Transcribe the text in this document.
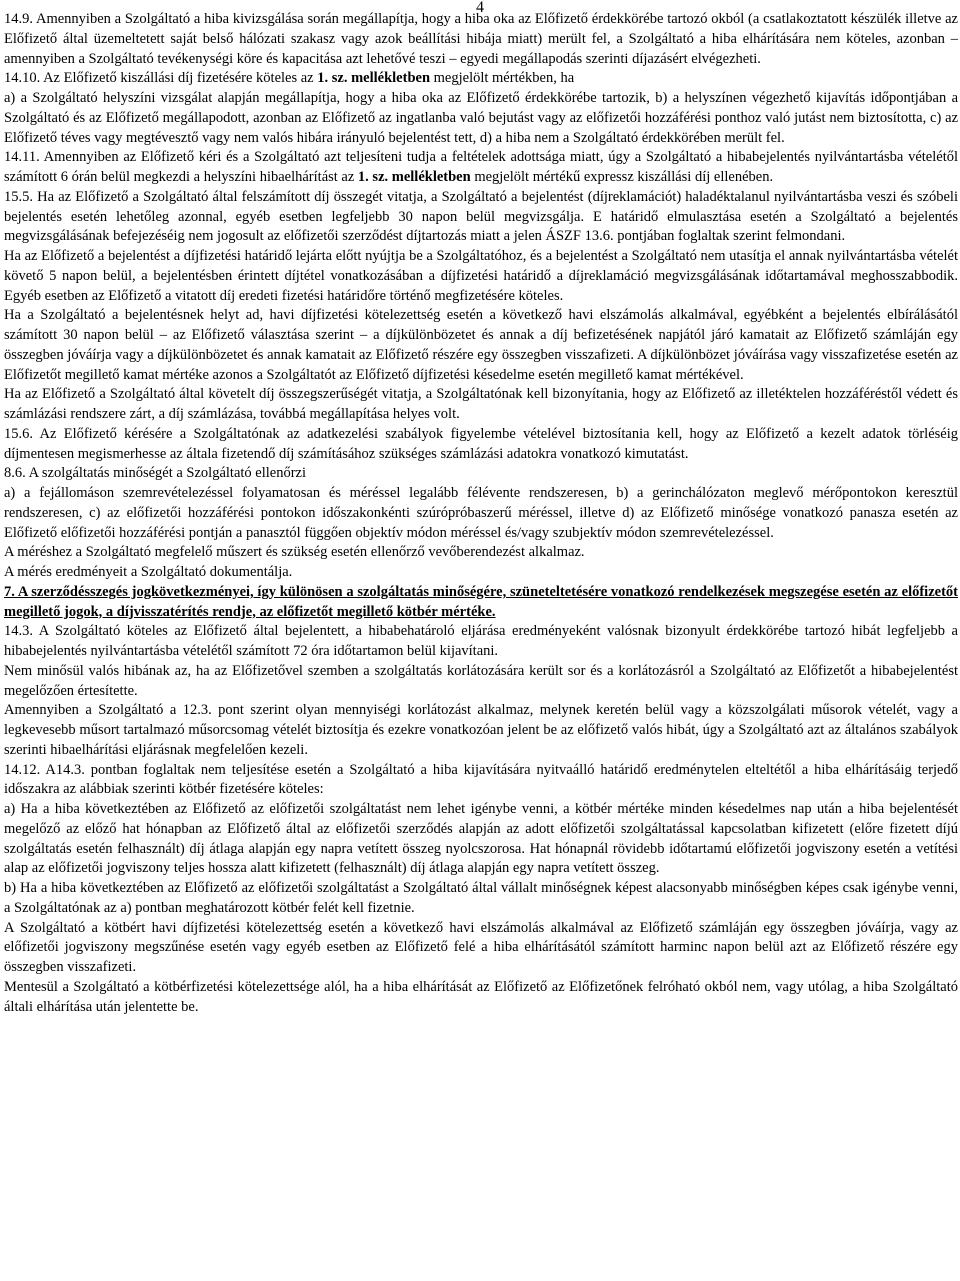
4

14.9. Amennyiben a Szolgáltató a hiba kivizsgálása során megállapítja, hogy a hiba oka az Előfizető érdekkörébe tartozó okból (a csatlakoztatott készülék illetve az Előfizető által üzemeltetett saját belső hálózati szakasz vagy azok beállítási hibája miatt) merült fel, a Szolgáltató a hiba elhárítására nem köteles, azonban – amennyiben a Szolgáltató tevékenységi köre és kapacitása azt lehetővé teszi – egyedi megállapodás szerinti díjazásért elvégezheti.

14.10. Az Előfizető kiszállási díj fizetésére köteles az 1. sz. mellékletben megjelölt mértékben, ha

a) a Szolgáltató helyszíni vizsgálat alapján megállapítja, hogy a hiba oka az Előfizető érdekkörébe tartozik, b) a helyszínen végezhető kijavítás időpontjában a Szolgáltató és az Előfizető megállapodott, azonban az Előfizető az ingatlanba való bejutást vagy az előfizetői hozzáférési ponthoz való jutást nem biztosította, c) az Előfizető téves vagy megtévesztő vagy nem valós hibára irányuló bejelentést tett, d) a hiba nem a Szolgáltató érdekkörében merült fel.

14.11. Amennyiben az Előfizető kéri és a Szolgáltató azt teljesíteni tudja a feltételek adottsága miatt, úgy a Szolgáltató a hibabejelentés nyilvántartásba vételétől számított 6 órán belül megkezdi a helyszíni hibaelhárítást az 1. sz. mellékletben megjelölt mértékű expressz kiszállási díj ellenében.

15.5. Ha az Előfizető a Szolgáltató által felszámított díj összegét vitatja, a Szolgáltató a bejelentést (díjreklamációt) haladéktalanul nyilvántartásba veszi és szóbeli bejelentés esetén lehetőleg azonnal, egyéb esetben legfeljebb 30 napon belül megvizsgálja. E határidő elmulasztása esetén a Szolgáltató a bejelentés megvizsgálásának befejezéséig nem jogosult az előfizetői szerződést díjtartozás miatt a jelen ÁSZF 13.6. pontjában foglaltak szerint felmondani.

Ha az Előfizető a bejelentést a díjfizetési határidő lejárta előtt nyújtja be a Szolgáltatóhoz, és a bejelentést a Szolgáltató nem utasítja el annak nyilvántartásba vételét követő 5 napon belül, a bejelentésben érintett díjtétel vonatkozásában a díjfizetési határidő a díjreklamáció megvizsgálásának időtartamával meghosszabbodik. Egyéb esetben az Előfizető a vitatott díj eredeti fizetési határidőre történő megfizetésére köteles.

Ha a Szolgáltató a bejelentésnek helyt ad, havi díjfizetési kötelezettség esetén a következő havi elszámolás alkalmával, egyébként a bejelentés elbírálásától számított 30 napon belül – az Előfizető választása szerint – a díjkülönbözetet és annak a díj befizetésének napjától járó kamatait az Előfizető számláján egy összegben jóváírja vagy a díjkülönbözetet és annak kamatait az Előfizető részére egy összegben visszafizeti. A díjkülönbözet jóváírása vagy visszafizetése esetén az Előfizetőt megillető kamat mértéke azonos a Szolgáltatót az Előfizető díjfizetési késedelme esetén megillető kamat mértékével.

Ha az Előfizető a Szolgáltató által követelt díj összegszerűségét vitatja, a Szolgáltatónak kell bizonyítania, hogy az Előfizető az illetéktelen hozzáféréstől védett és számlázási rendszere zárt, a díj számlázása, továbbá megállapítása helyes volt.

15.6. Az Előfizető kérésére a Szolgáltatónak az adatkezelési szabályok figyelembe vételével biztosítania kell, hogy az Előfizető a kezelt adatok törléséig díjmentesen megismerhesse az általa fizetendő díj számításához szükséges számlázási adatokra vonatkozó kimutatást.

8.6. A szolgáltatás minőségét a Szolgáltató ellenőrzi

a) a fejállomáson szemrevételezéssel folyamatosan és méréssel legalább félévente rendszeresen, b) a gerinchálózaton meglevő mérőpontokon keresztül rendszeresen, c) az előfizetői hozzáférési pontokon időszakonkénti szúrópróbaszerű méréssel, illetve d) az Előfizető minősége vonatkozó panasza esetén az Előfizető előfizetői hozzáférési pontján a panasztól függően objektív módon méréssel és/vagy szubjektív módon szemrevételezéssel.

A méréshez a Szolgáltató megfelelő műszert és szükség esetén ellenőrző vevőberendezést alkalmaz.

A mérés eredményeit a Szolgáltató dokumentálja.

7. A szerződésszegés jogkövetkezményei, így különösen a szolgáltatás minőségére, szüneteltetésére vonatkozó rendelkezések megszegése esetén az előfizetőt megillető jogok, a díjvisszatérítés rendje, az előfizetőt megillető kötbér mértéke.

14.3. A Szolgáltató köteles az Előfizető által bejelentett, a hibabehatároló eljárása eredményeként valósnak bizonyult érdekkörébe tartozó hibát legfeljebb a hibabejelentés nyilvántartásba vételétől számított 72 óra időtartamon belül kijavítani.

Nem minősül valós hibának az, ha az Előfizetővel szemben a szolgáltatás korlátozására került sor és a korlátozásról a Szolgáltató az Előfizetőt a hibabejelentést megelőzően értesítette.

Amennyiben a Szolgáltató a 12.3. pont szerint olyan mennyiségi korlátozást alkalmaz, melynek keretén belül vagy a közszolgálati műsorok vételét, vagy a legkevesebb műsort tartalmazó műsorcsomag vételét biztosítja és ezekre vonatkozóan jelent be az előfizető valós hibát, úgy a Szolgáltató azt az általános szabályok szerinti hibaelhárítási eljárásnak megfelelően kezeli.

14.12. A14.3. pontban foglaltak nem teljesítése esetén a Szolgáltató a hiba kijavítására nyitvaálló határidő eredménytelen elteltétől a hiba elhárításáig terjedő időszakra az alábbiak szerinti kötbér fizetésére köteles:

a) Ha a hiba következtében az Előfizető az előfizetői szolgáltatást nem lehet igénybe venni, a kötbér mértéke minden késedelmes nap után a hiba bejelentését megelőző az előző hat hónapban az Előfizető által az előfizetői szerződés alapján az adott előfizetői szolgáltatással kapcsolatban kifizetett (előre fizetett díjú szolgáltatás esetén felhasznált) díj átlaga alapján egy napra vetített összeg nyolcszorosa. Hat hónapnál rövidebb időtartamú előfizetői jogviszony esetén a vetítési alap az előfizetői jogviszony teljes hossza alatt kifizetett (felhasznált) díj átlaga alapján egy napra vetített összeg.

b) Ha a hiba következtében az Előfizető az előfizetői szolgáltatást a Szolgáltató által vállalt minőségnek képest alacsonyabb minőségben képes csak igénybe venni, a Szolgáltatónak az a) pontban meghatározott kötbér felét kell fizetnie.

A Szolgáltató a kötbért havi díjfizetési kötelezettség esetén a következő havi elszámolás alkalmával az Előfizető számláján egy összegben jóváírja, vagy az előfizetői jogviszony megszűnése esetén vagy egyéb esetben az Előfizető felé a hiba elhárításától számított harminc napon belül azt az Előfizető részére egy összegben visszafizeti.

Mentesül a Szolgáltató a kötbérfizetési kötelezettsége alól, ha a hiba elhárítását az Előfizető az Előfizetőnek felróható okból nem, vagy utólag, a hiba Szolgáltató általi elhárítása után jelentette be.
